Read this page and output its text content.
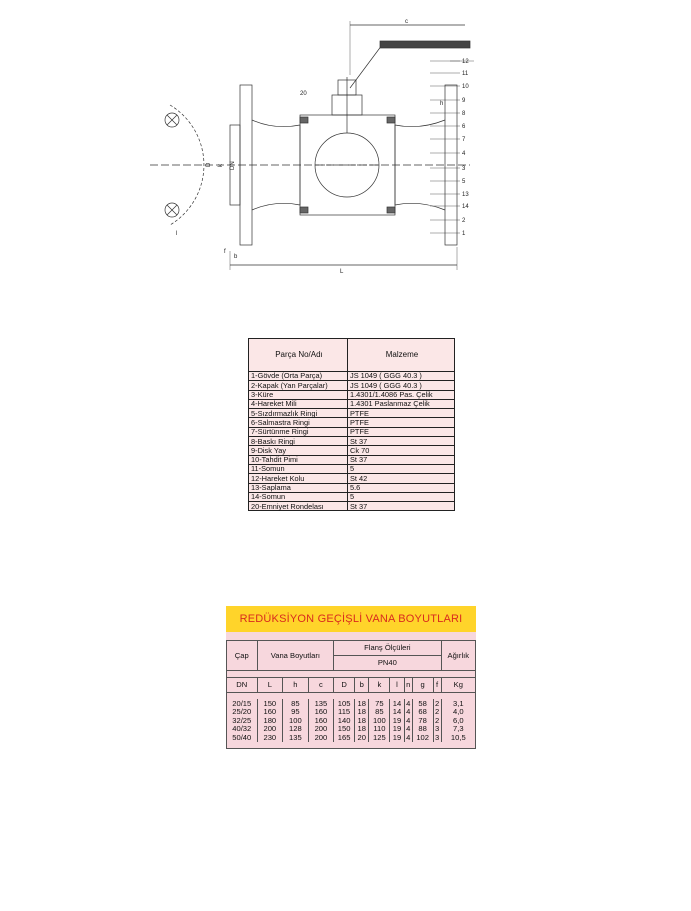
c
L
h
b
f
D k DN
l
20
12
11
10
9
8
6
7
4
3
5
13
14
2
1
Parça No/Adı	Malzeme
1-Gövde (Orta Parça)	JS 1049 ( GGG 40.3 )
2-Kapak (Yan Parçalar)	JS 1049 ( GGG 40.3 )
3-Küre	1.4301/1.4086 Pas. Çelik
4-Hareket Mili	1.4301 Paslanmaz Çelik
5-Sızdırmazlık Ringi	PTFE
6-Salmastra Ringi	PTFE
7-Sürtünme Ringi	PTFE
8-Baskı Ringi	St 37
9-Disk Yay	Ck 70
10-Tahdit Pimi	St 37
11-Somun	5
12-Hareket Kolu	St 42
13-Saplama	5.6
14-Somun	5
20-Emniyet Rondelası	St 37
REDÜKSİYON GEÇİŞLİ VANA BOYUTLARI
Çap	Vana Boyutları			Flanş Ölçüleri							Ağırlık
				PN40							

DN	L	h	c	D	b	k	l	n	g	f	Kg

20/15	150	85	135	105	18	75	14	4	58	2	3,1
25/20	160	95	160	115	18	85	14	4	68	2	4,0
32/25	180	100	160	140	18	100	19	4	78	2	6,0
40/32	200	128	200	150	18	110	19	4	88	3	7,3
50/40	230	135	200	165	20	125	19	4	102	3	10,5
